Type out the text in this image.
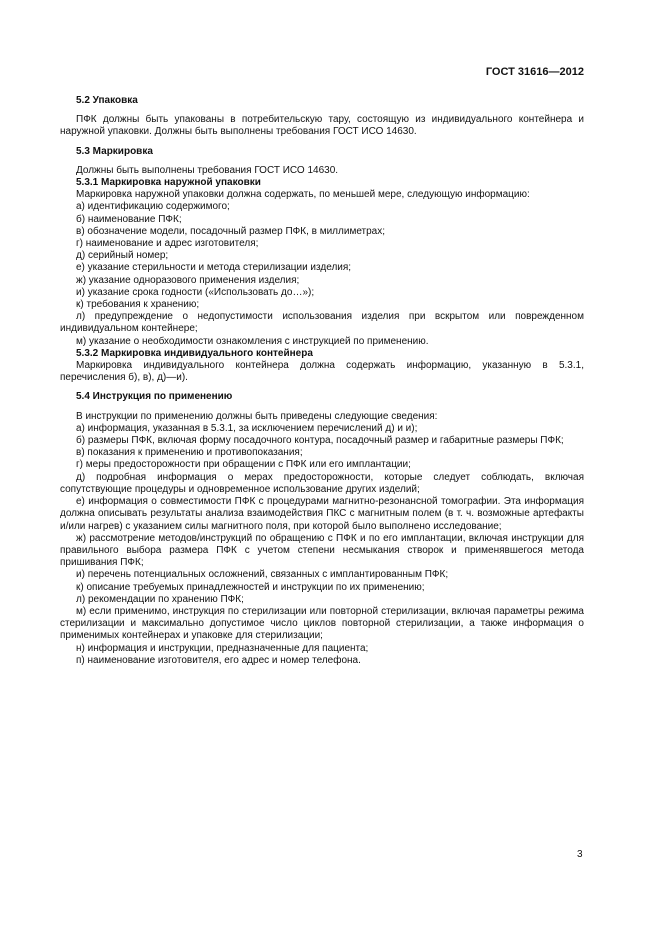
ГОСТ 31616—2012

5.2 Упаковка

ПФК должны быть упакованы в потребительскую тару, состоящую из индивидуального контейнера и наружной упаковки. Должны быть выполнены требования ГОСТ ИСО 14630.

5.3 Маркировка

Должны быть выполнены требования ГОСТ ИСО 14630.

5.3.1 Маркировка наружной упаковки

Маркировка наружной упаковки должна содержать, по меньшей мере, следующую информацию:

а) идентификацию содержимого;

б) наименование ПФК;

в) обозначение модели, посадочный размер ПФК, в миллиметрах;

г) наименование и адрес изготовителя;

д) серийный номер;

е) указание стерильности и метода стерилизации изделия;

ж) указание одноразового применения изделия;

и) указание срока годности («Использовать до…»);

к) требования к хранению;

л) предупреждение о недопустимости использования изделия при вскрытом или поврежденном индивидуальном контейнере;

м) указание о необходимости ознакомления с инструкцией по применению.

5.3.2 Маркировка индивидуального контейнера

Маркировка индивидуального контейнера должна содержать информацию, указанную в 5.3.1, перечисления б), в), д)—и).

5.4 Инструкция по применению

В инструкции по применению должны быть приведены следующие сведения:

а) информация, указанная в 5.3.1, за исключением перечислений д) и и);

б) размеры ПФК, включая форму посадочного контура, посадочный размер и габаритные размеры ПФК;

в) показания к применению и противопоказания;

г) меры предосторожности при обращении с ПФК или его имплантации;

д) подробная информация о мерах предосторожности, которые следует соблюдать, включая сопутствующие процедуры и одновременное использование других изделий;

е) информация о совместимости ПФК с процедурами магнитно-резонансной томографии. Эта информация должна описывать результаты анализа взаимодействия ПКС с магнитным полем (в т. ч. возможные артефакты и/или нагрев) с указанием силы магнитного поля, при которой было выполнено исследование;

ж) рассмотрение методов/инструкций по обращению с ПФК и по его имплантации, включая инструкции для правильного выбора размера ПФК с учетом степени несмыкания створок и применявшегося метода пришивания ПФК;

и) перечень потенциальных осложнений, связанных с имплантированным ПФК;

к) описание требуемых принадлежностей и инструкции по их применению;

л) рекомендации по хранению ПФК;

м) если применимо, инструкция по стерилизации или повторной стерилизации, включая параметры режима стерилизации и максимально допустимое число циклов повторной стерилизации, а также информация о применимых контейнерах и упаковке для стерилизации;

н) информация и инструкции, предназначенные для пациента;

п) наименование изготовителя, его адрес и номер телефона.

3
